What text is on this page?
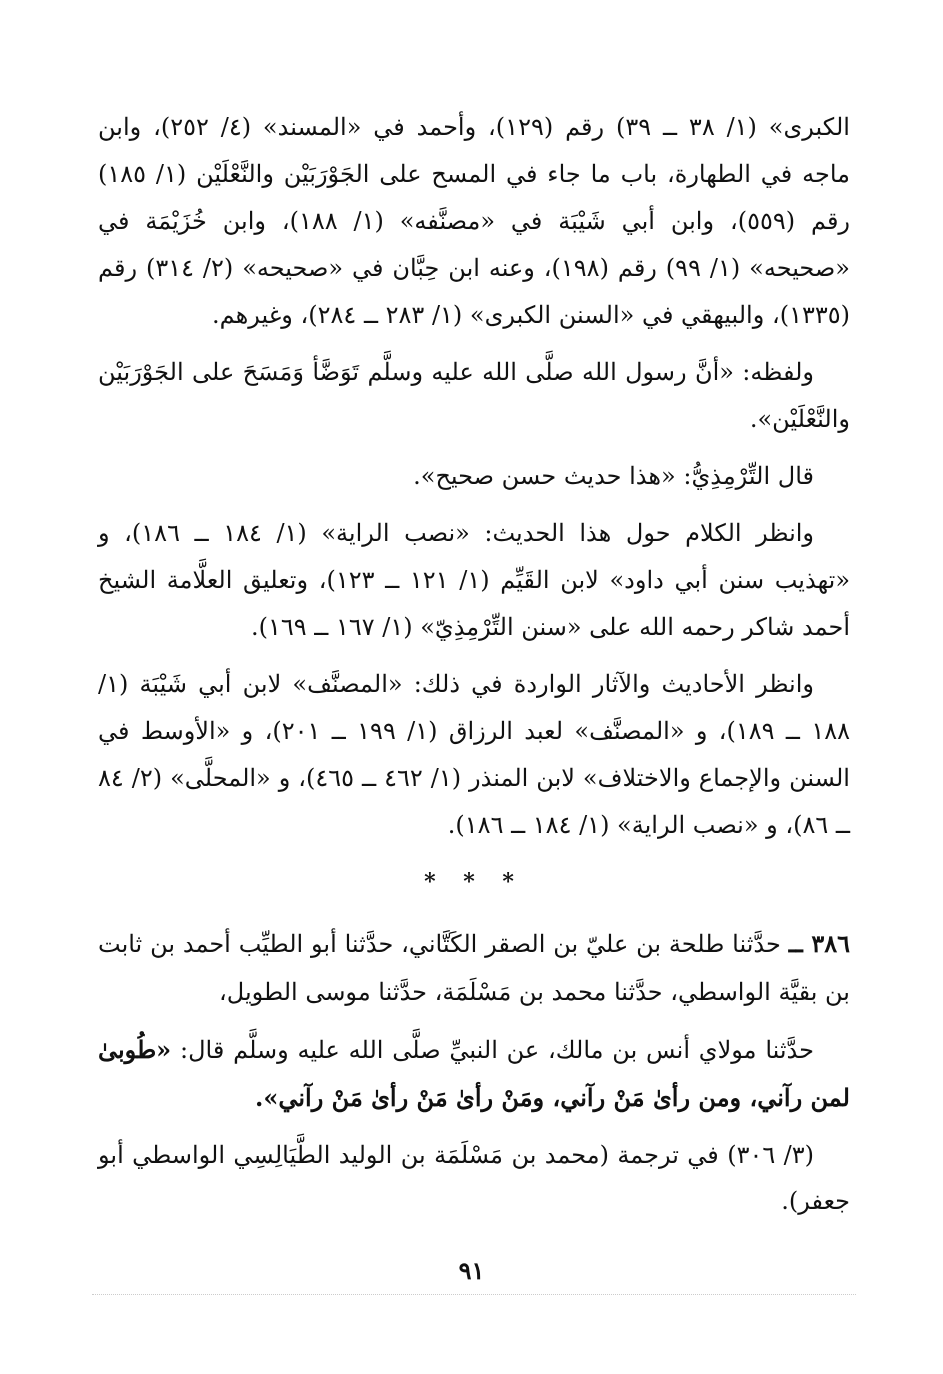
الكبرى» (١/ ٣٨ ــ ٣٩) رقم (١٢٩)، وأحمد في «المسند» (٤/ ٢٥٢)، وابن ماجه في الطهارة، باب ما جاء في المسح على الجَوْرَبَيْن والنَّعْلَيْن (١/ ١٨٥) رقم (٥٥٩)، وابن أبي شَيْبَة في «مصنَّفه» (١/ ١٨٨)، وابن خُزَيْمَة في «صحيحه» (١/ ٩٩) رقم (١٩٨)، وعنه ابن حِبَّان في «صحيحه» (٢/ ٣١٤) رقم (١٣٣٥)، والبيهقي في «السنن الكبرى» (١/ ٢٨٣ ــ ٢٨٤)، وغيرهم.

ولفظه: «أنَّ رسول الله صلَّى الله عليه وسلَّم تَوَضَّأ وَمَسَحَ على الجَوْرَبَيْن والنَّعْلَيْن».

قال التِّرْمِذِيُّ: «هذا حديث حسن صحيح».

وانظر الكلام حول هذا الحديث: «نصب الراية» (١/ ١٨٤ ــ ١٨٦)، و «تهذيب سنن أبي داود» لابن القَيِّم (١/ ١٢١ ــ ١٢٣)، وتعليق العلَّامة الشيخ أحمد شاكر رحمه الله على «سنن التِّرْمِذِيّ» (١/ ١٦٧ ــ ١٦٩).

وانظر الأحاديث والآثار الواردة في ذلك: «المصنَّف» لابن أبي شَيْبَة (١/ ١٨٨ ــ ١٨٩)، و «المصنَّف» لعبد الرزاق (١/ ١٩٩ ــ ٢٠١)، و «الأوسط في السنن والإجماع والاختلاف» لابن المنذر (١/ ٤٦٢ ــ ٤٦٥)، و «المحلَّى» (٢/ ٨٤ ــ ٨٦)، و «نصب الراية» (١/ ١٨٤ ــ ١٨٦).

* * *

٣٨٦ ــ حدَّثنا طلحة بن عليّ بن الصقر الكَتَّاني، حدَّثنا أبو الطيِّب أحمد بن ثابت بن بقيَّة الواسطي، حدَّثنا محمد بن مَسْلَمَة، حدَّثنا موسى الطويل،

حدَّثنا مولاي أنس بن مالك، عن النبيِّ صلَّى الله عليه وسلَّم قال: «طُوبىٰ لمن رآني، ومن رأىٰ مَنْ رآني، ومَنْ رأىٰ مَنْ رأىٰ مَنْ رآني».

(٣/ ٣٠٦) في ترجمة (محمد بن مَسْلَمَة بن الوليد الطَّيَالِسِي الواسطي أبو جعفر).

٩١
